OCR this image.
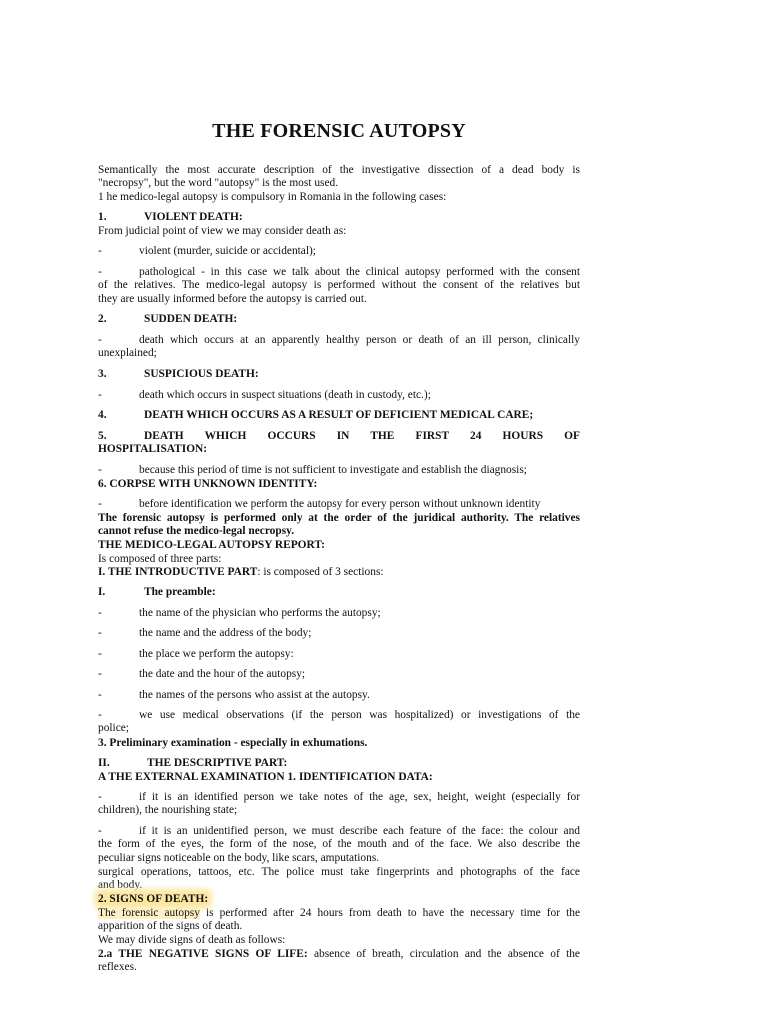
THE FORENSIC AUTOPSY
Semantically the most accurate description of the investigative dissection of a dead body is
"necropsy", but the word "autopsy" is the most used.
1 he medico-legal autopsy is compulsory in Romania in the following cases:
1.	VIOLENT DEATH:
From judicial point of view we may consider death as:
-	violent (murder, suicide or accidental);
-	pathological - in this case we talk about the clinical autopsy performed with the consent
of the relatives. The medico-legal autopsy is performed without the consent of the relatives but
they are usually informed before the autopsy is carried out.
2.	SUDDEN DEATH:
-	death which occurs at an apparently healthy person or death of an ill person, clinically
unexplained;
3.	SUSPICIOUS DEATH:
-	death which occurs in suspect situations (death in custody, etc.);
4.	DEATH WHICH OCCURS AS A RESULT OF DEFICIENT MEDICAL CARE;
5.	DEATH WHICH OCCURS IN THE FIRST 24 HOURS OF
HOSPITALISATION:
-	because this period of time is not sufficient to investigate and establish the diagnosis;
6. CORPSE WITH UNKNOWN IDENTITY:
-	before identification we perform the autopsy for every person without unknown identity
The forensic autopsy is performed only at the order of the juridical authority. The relatives
cannot refuse the medico-legal necropsy.
THE MEDICO-LEGAL AUTOPSY REPORT:
Is composed of three parts:
I. THE INTRODUCTIVE PART: is composed of 3 sections:
I.	The preamble:
-	the name of the physician who performs the autopsy;
-	the name and the address of the body;
-	the place we perform the autopsy:
-	the date and the hour of the autopsy;
-	the names of the persons who assist at the autopsy.
-	we use medical observations (if the person was hospitalized) or investigations of the
police;
3. Preliminary examination - especially in exhumations.
II.	THE DESCRIPTIVE PART:
A THE EXTERNAL EXAMINATION 1. IDENTIFICATION DATA:
-	if it is an identified person we take notes of the age, sex, height, weight (especially for
children), the nourishing state;
-	if it is an unidentified person, we must describe each feature of the face: the colour and
the form of the eyes, the form of the nose, of the mouth and of the face. We also describe the
peculiar signs noticeable on the body, like scars, amputations.
surgical operations, tattoos, etc. The police must take fingerprints and photographs of the face
and body.
2. SIGNS OF DEATH:
The forensic autopsy is performed after 24 hours from death to have the necessary time for the
apparition of the signs of death.
We may divide signs of death as follows:
2.a THE NEGATIVE SIGNS OF LIFE: absence of breath, circulation and the absence of the
reflexes.
